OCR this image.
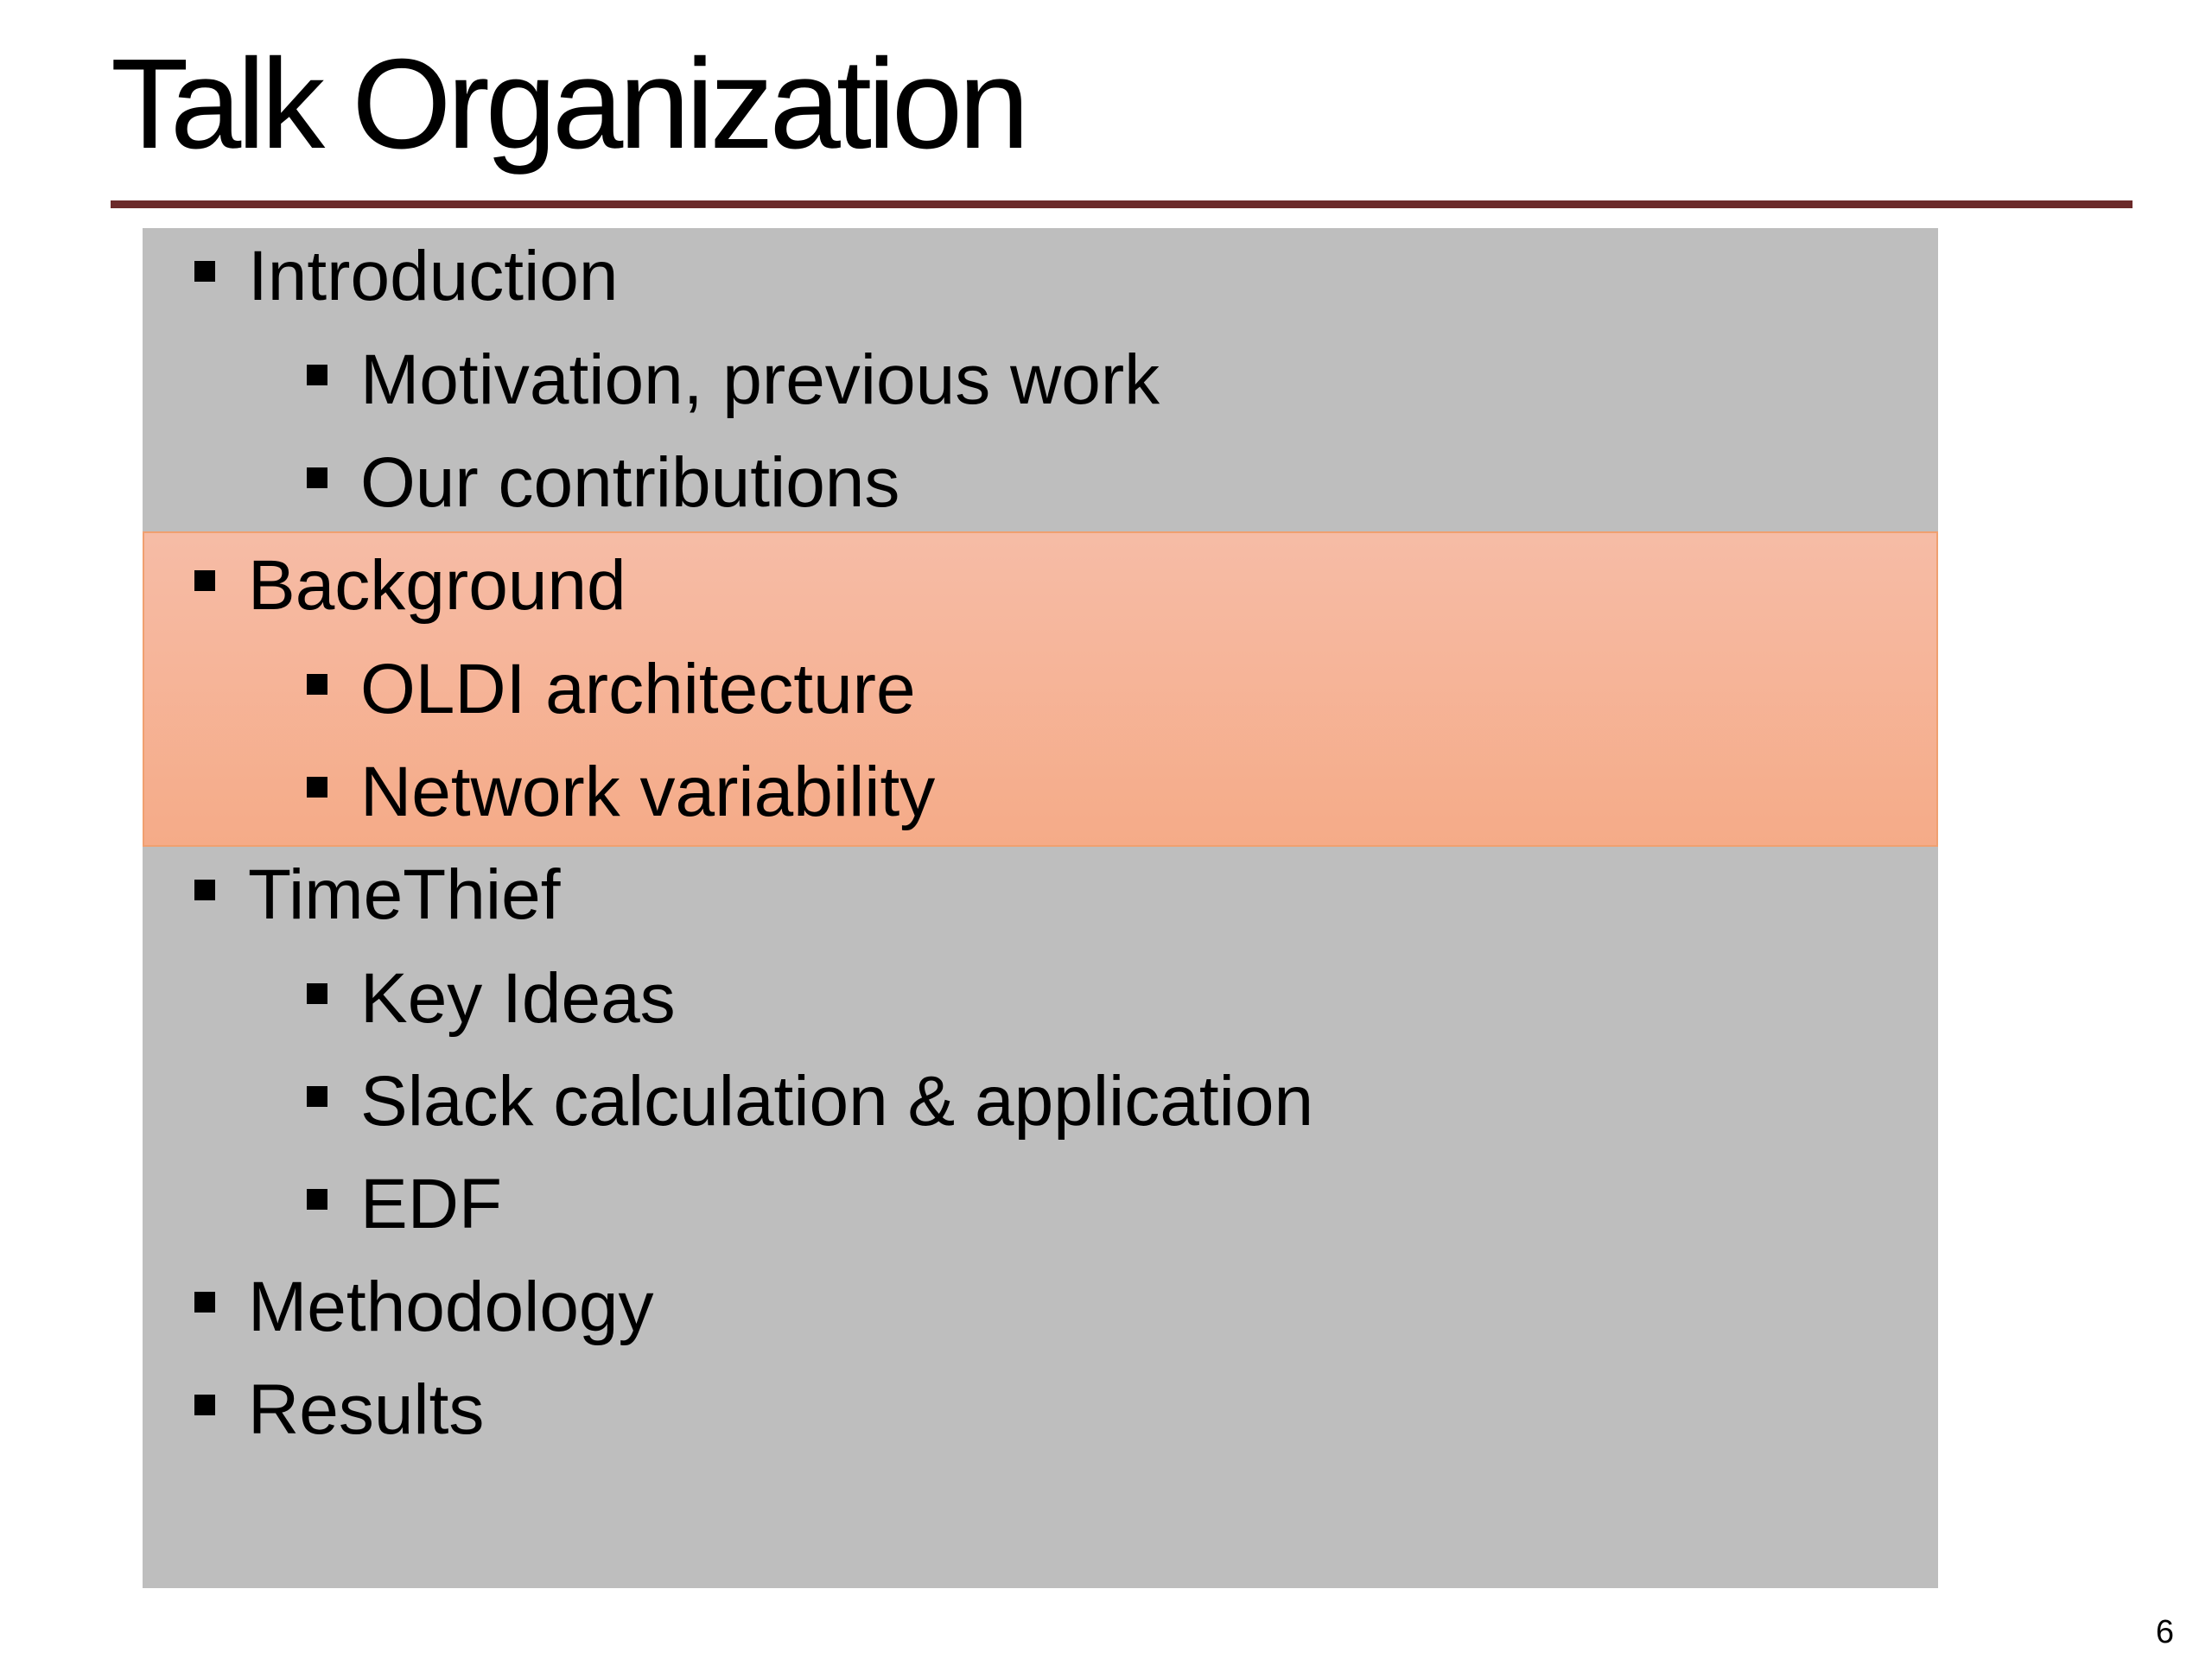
Talk Organization
Introduction
Motivation, previous work
Our contributions
Background
OLDI architecture
Network variability
TimeThief
Key Ideas
Slack calculation & application
EDF
Methodology
Results
6
